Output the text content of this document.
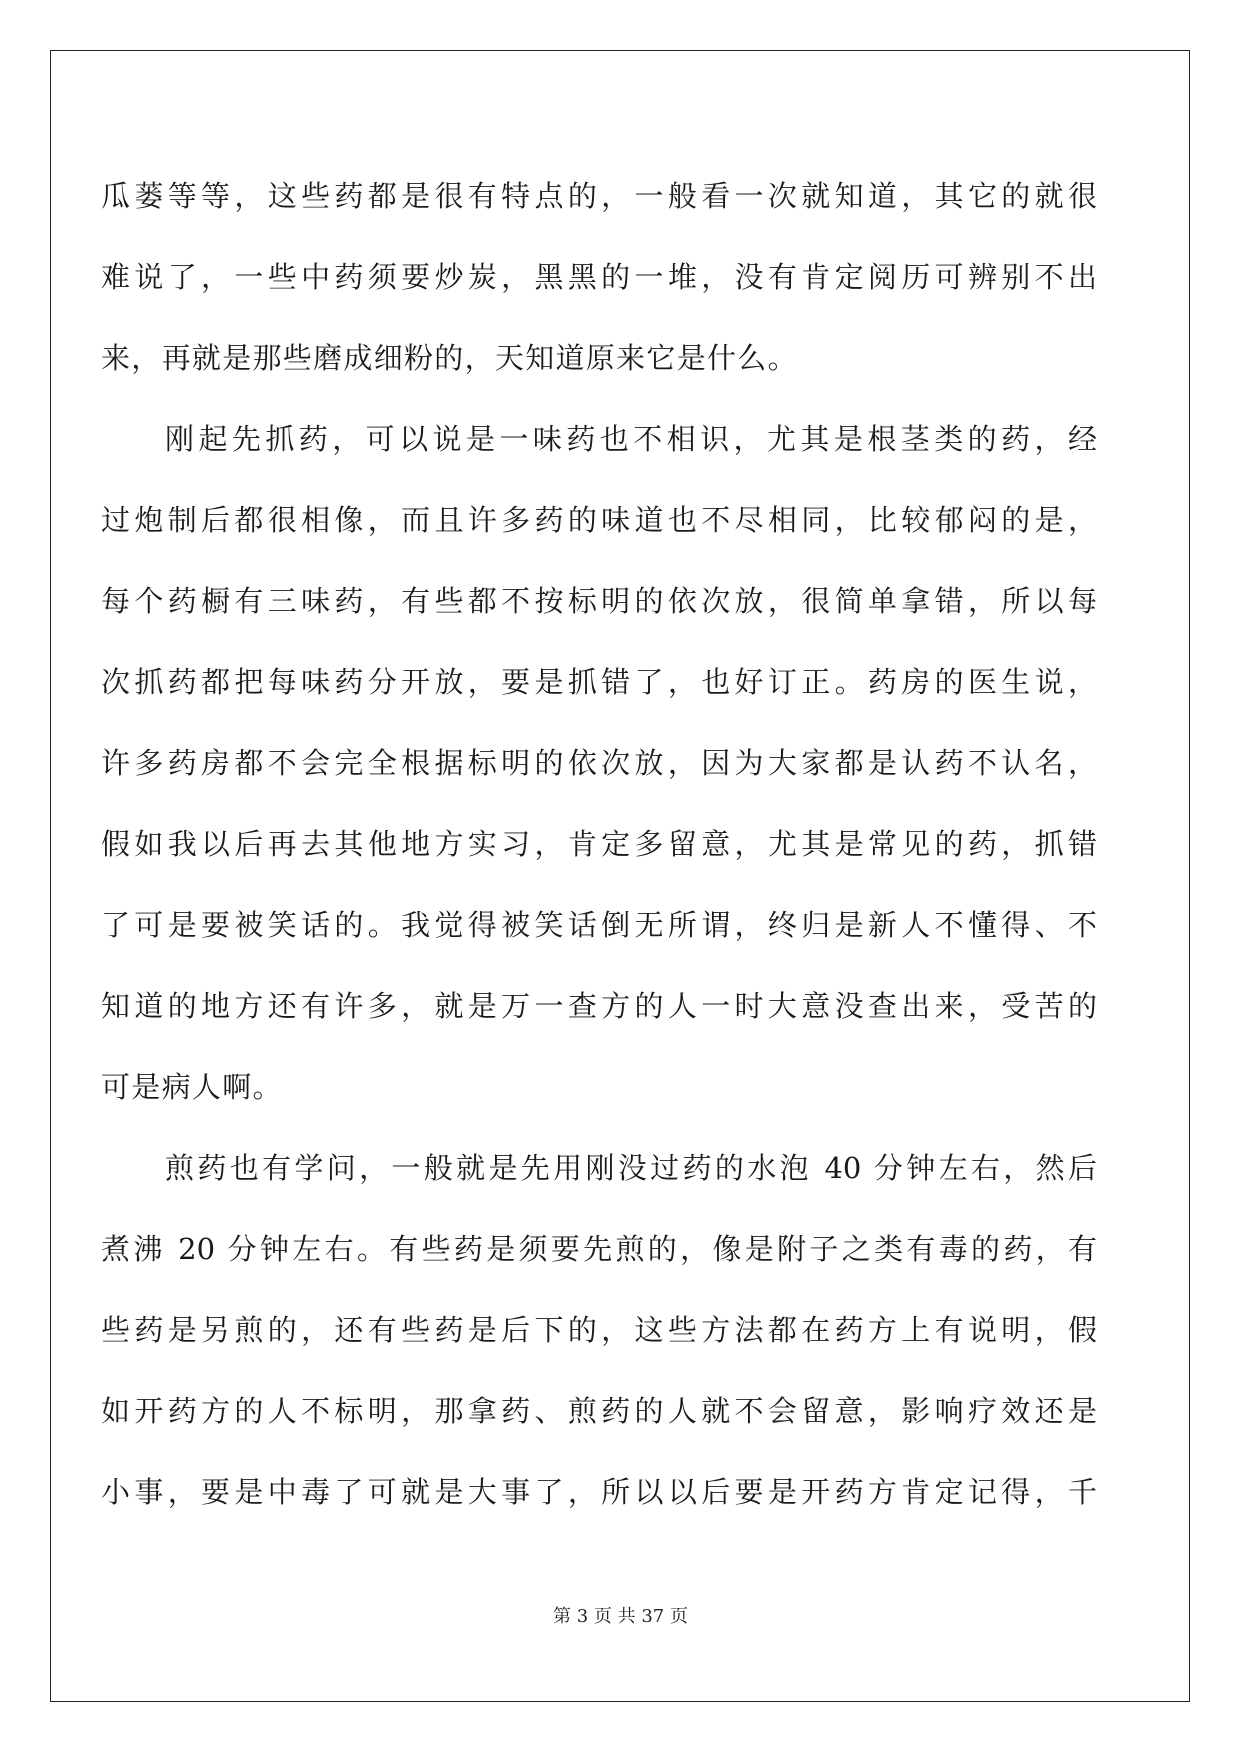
瓜蒌等等，这些药都是很有特点的，一般看一次就知道，其它的就很
难说了，一些中药须要炒炭，黑黑的一堆，没有肯定阅历可辨别不出
来，再就是那些磨成细粉的，天知道原来它是什么。
刚起先抓药，可以说是一味药也不相识，尤其是根茎类的药，经
过炮制后都很相像，而且许多药的味道也不尽相同，比较郁闷的是，
每个药橱有三味药，有些都不按标明的依次放，很简单拿错，所以每
次抓药都把每味药分开放，要是抓错了，也好订正。药房的医生说，
许多药房都不会完全根据标明的依次放，因为大家都是认药不认名，
假如我以后再去其他地方实习，肯定多留意，尤其是常见的药，抓错
了可是要被笑话的。我觉得被笑话倒无所谓，终归是新人不懂得、不
知道的地方还有许多，就是万一查方的人一时大意没查出来，受苦的
可是病人啊。
煎药也有学问，一般就是先用刚没过药的水泡 40 分钟左右，然后
煮沸 20 分钟左右。有些药是须要先煎的，像是附子之类有毒的药，有
些药是另煎的，还有些药是后下的，这些方法都在药方上有说明，假
如开药方的人不标明，那拿药、煎药的人就不会留意，影响疗效还是
小事，要是中毒了可就是大事了，所以以后要是开药方肯定记得，千
第 3 页 共 37 页
